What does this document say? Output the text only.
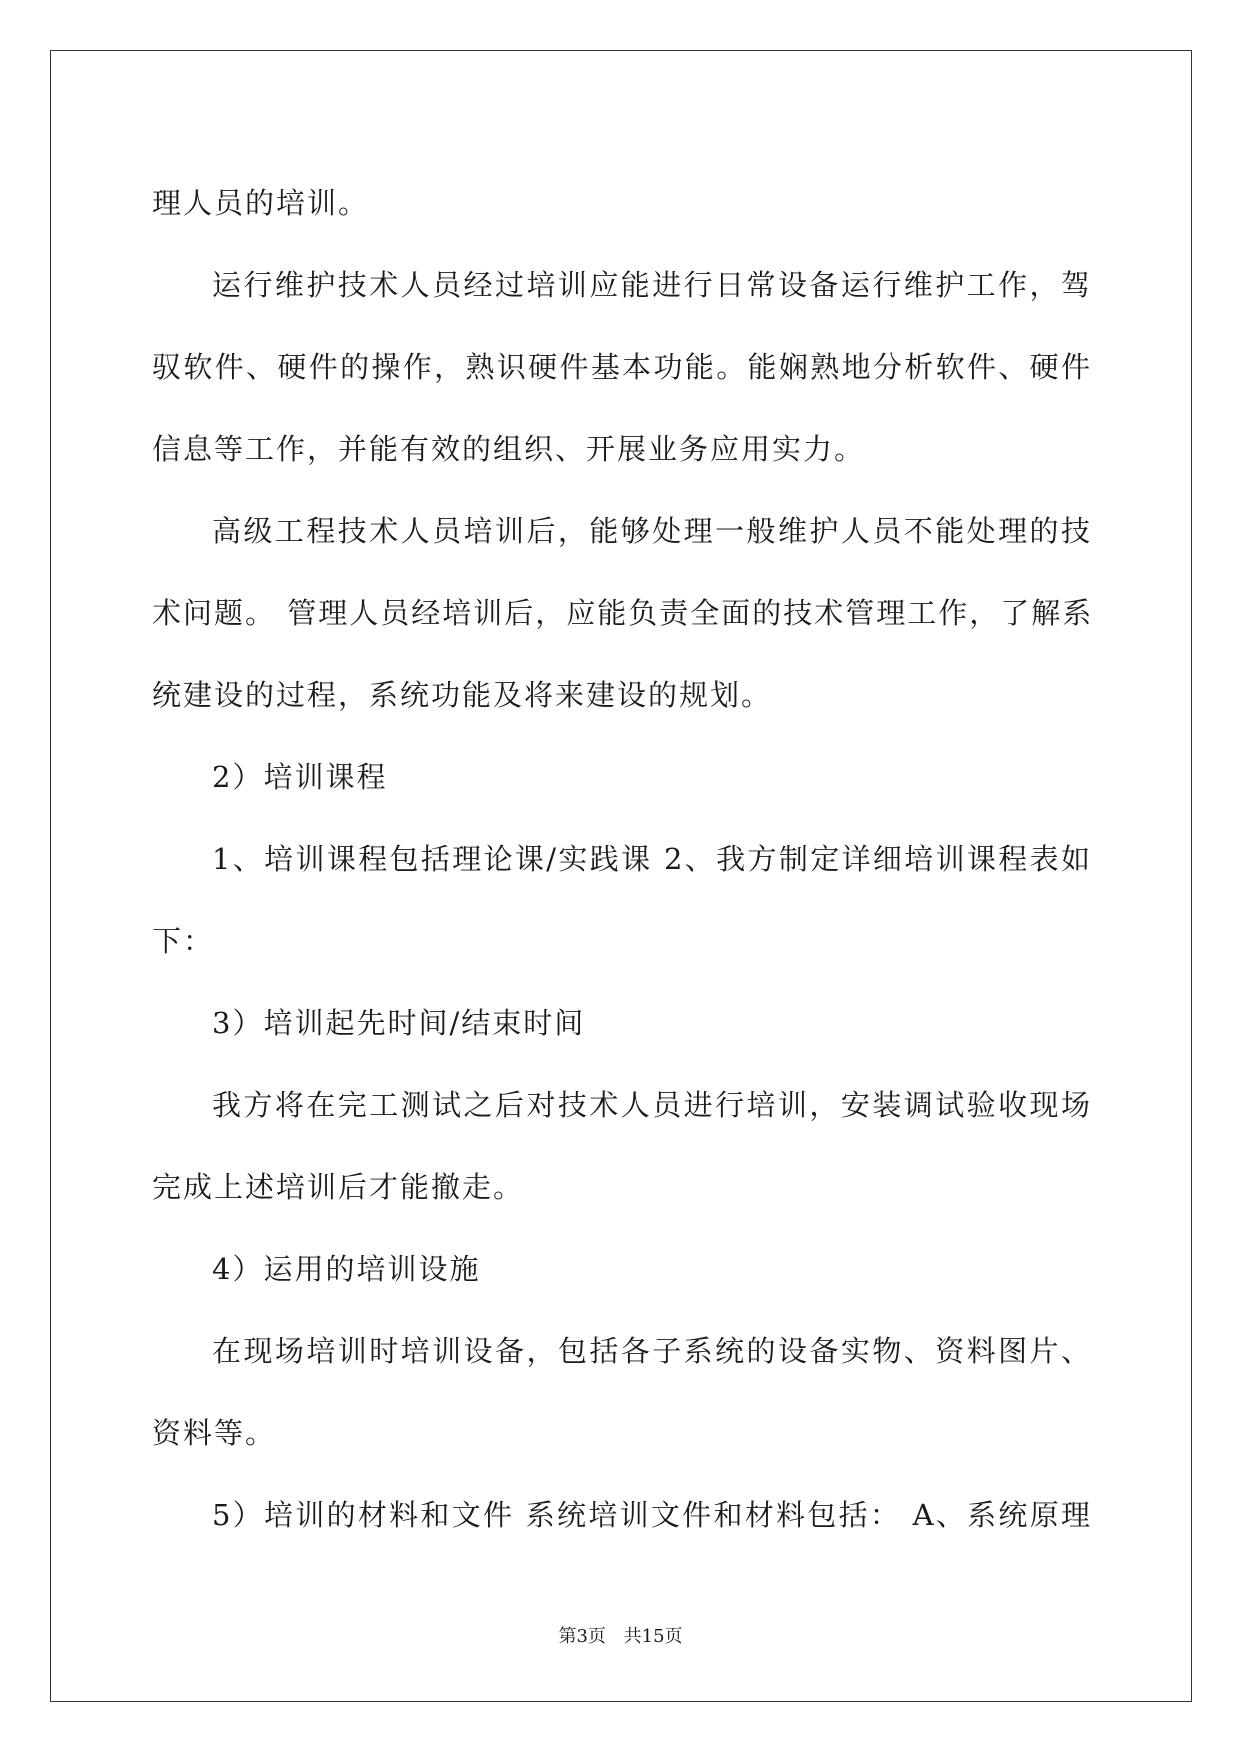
理人员的培训。
运行维护技术人员经过培训应能进行日常设备运行维护工作，驾
驭软件、硬件的操作，熟识硬件基本功能。能娴熟地分析软件、硬件
信息等工作，并能有效的组织、开展业务应用实力。
高级工程技术人员培训后，能够处理一般维护人员不能处理的技
术问题。 管理人员经培训后，应能负责全面的技术管理工作，了解系
统建设的过程，系统功能及将来建设的规划。
2）培训课程
1、培训课程包括理论课/实践课 2、我方制定详细培训课程表如
下：
3）培训起先时间/结束时间
我方将在完工测试之后对技术人员进行培训，安装调试验收现场
完成上述培训后才能撤走。
4）运用的培训设施
在现场培训时培训设备，包括各子系统的设备实物、资料图片、
资料等。
5）培训的材料和文件 系统培训文件和材料包括： A、系统原理
第3页 共15页
